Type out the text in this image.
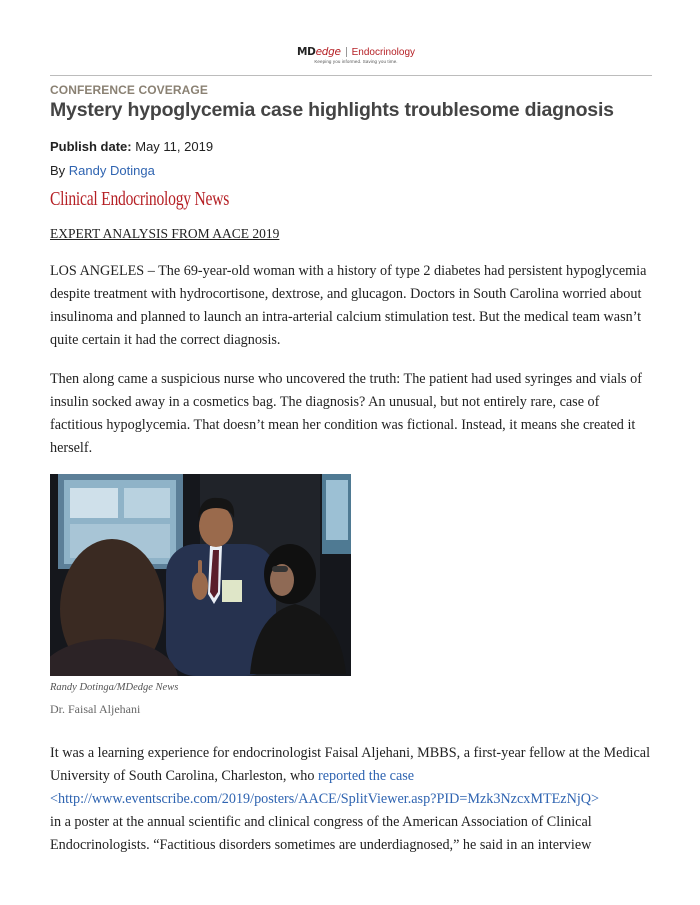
MDedge Endocrinology
Keeping you informed. Saving you time.
CONFERENCE COVERAGE
Mystery hypoglycemia case highlights troublesome diagnosis
Publish date: May 11, 2019
By Randy Dotinga
Clinical Endocrinology News
EXPERT ANALYSIS FROM AACE 2019

LOS ANGELES – The 69-year-old woman with a history of type 2 diabetes had persistent hypoglycemia despite treatment with hydrocortisone, dextrose, and glucagon. Doctors in South Carolina worried about insulinoma and planned to launch an intra-arterial calcium stimulation test. But the medical team wasn’t quite certain it had the correct diagnosis.

Then along came a suspicious nurse who uncovered the truth: The patient had used syringes and vials of insulin socked away in a cosmetics bag. The diagnosis? An unusual, but not entirely rare, case of factitious hypoglycemia. That doesn’t mean her condition was fictional. Instead, it means she created it herself.

Randy Dotinga/MDedge News
Dr. Faisal Aljehani

It was a learning experience for endocrinologist Faisal Aljehani, MBBS, a first-year fellow at the Medical University of South Carolina, Charleston, who reported the case
<http://www.eventscribe.com/2019/posters/AACE/SplitViewer.asp?PID=Mzk3NzcxMTEzNjQ>
in a poster at the annual scientific and clinical congress of the American Association of Clinical Endocrinologists. “Factitious disorders sometimes are underdiagnosed,” he said in an interview
